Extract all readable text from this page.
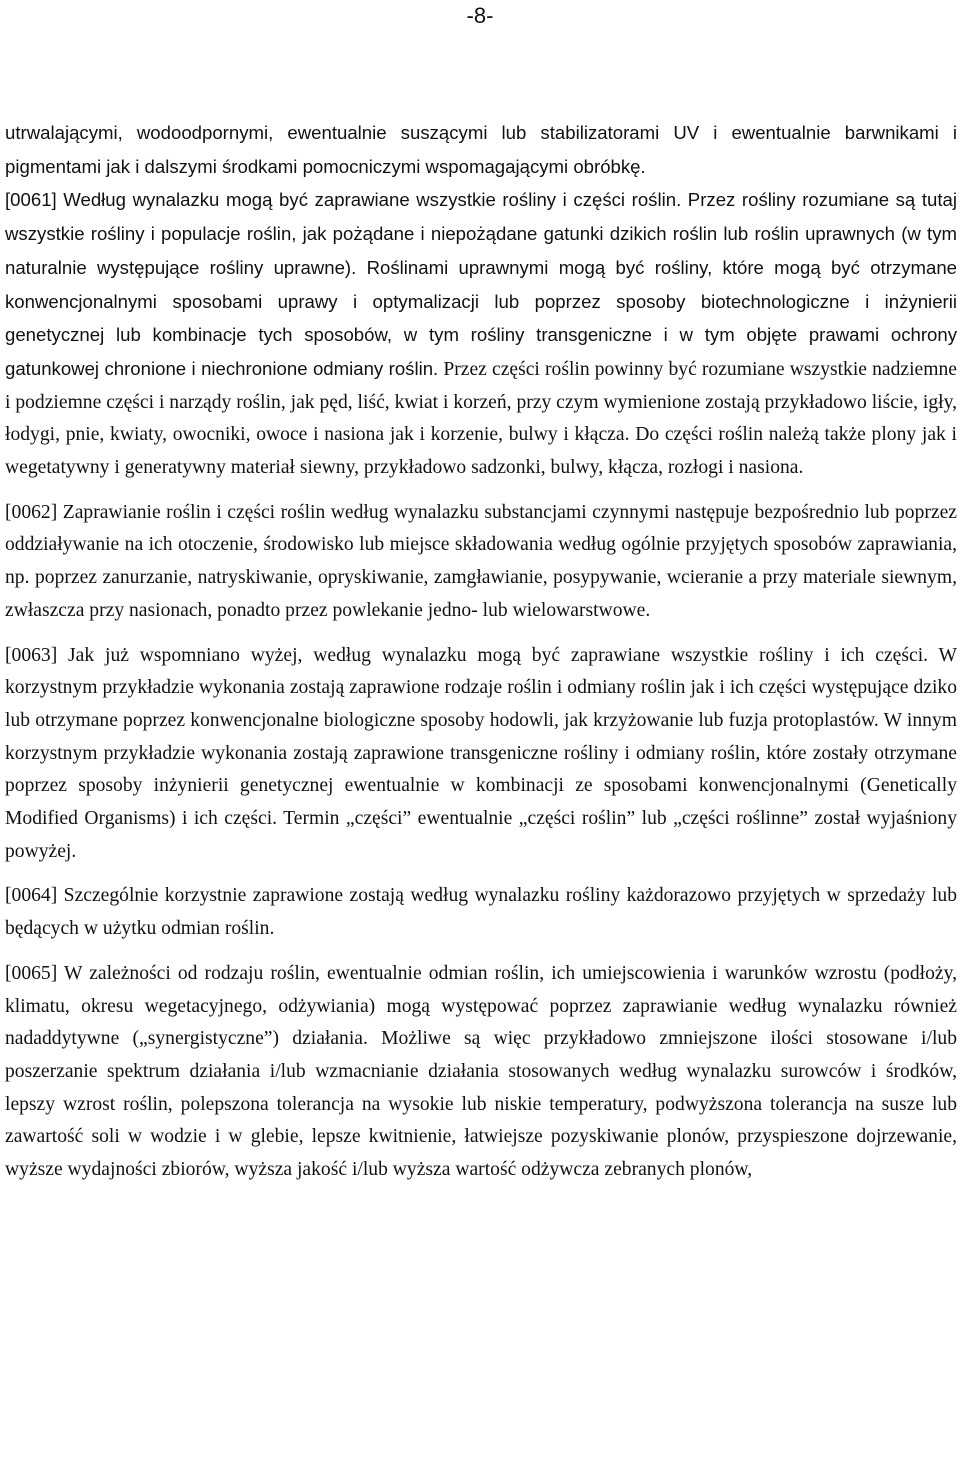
-8-

utrwalającymi, wodoodpornymi, ewentualnie suszącymi lub stabilizatorami UV i ewentualnie barwnikami i pigmentami jak i dalszymi środkami pomocniczymi wspomagającymi obróbkę.

[0061] Według wynalazku mogą być zaprawiane wszystkie rośliny i części roślin. Przez rośliny rozumiane są tutaj wszystkie rośliny i populacje roślin, jak pożądane i niepożądane gatunki dzikich roślin lub roślin uprawnych (w tym naturalnie występujące rośliny uprawne). Roślinami uprawnymi mogą być rośliny, które mogą być otrzymane konwencjonalnymi sposobami uprawy i optymalizacji lub poprzez sposoby biotechnologiczne i inżynierii genetycznej lub kombinacje tych sposobów, w tym rośliny transgeniczne i w tym objęte prawami ochrony gatunkowej chronione i niechronione odmiany roślin. Przez części roślin powinny być rozumiane wszystkie nadziemne i podziemne części i narządy roślin, jak pęd, liść, kwiat i korzeń, przy czym wymienione zostają przykładowo liście, igły, łodygi, pnie, kwiaty, owocniki, owoce i nasiona jak i korzenie, bulwy i kłącza. Do części roślin należą także plony jak i wegetatywny i generatywny materiał siewny, przykładowo sadzonki, bulwy, kłącza, rozłogi i nasiona.

[0062] Zaprawianie roślin i części roślin według wynalazku substancjami czynnymi następuje bezpośrednio lub poprzez oddziaływanie na ich otoczenie, środowisko lub miejsce składowania według ogólnie przyjętych sposobów zaprawiania, np. poprzez zanurzanie, natryskiwanie, opryskiwanie, zamgławianie, posypywanie, wcieranie a przy materiale siewnym, zwłaszcza przy nasionach, ponadto przez powlekanie jedno- lub wielowarstwowe.

[0063] Jak już wspomniano wyżej, według wynalazku mogą być zaprawiane wszystkie rośliny i ich części. W korzystnym przykładzie wykonania zostają zaprawione rodzaje roślin i odmiany roślin jak i ich części występujące dziko lub otrzymane poprzez konwencjonalne biologiczne sposoby hodowli, jak krzyżowanie lub fuzja protoplastów. W innym korzystnym przykładzie wykonania zostają zaprawione transgeniczne rośliny i odmiany roślin, które zostały otrzymane poprzez sposoby inżynierii genetycznej ewentualnie w kombinacji ze sposobami konwencjonalnymi (Genetically Modified Organisms) i ich części. Termin „części” ewentualnie „części roślin” lub „części roślinne” został wyjaśniony powyżej.

[0064] Szczególnie korzystnie zaprawione zostają według wynalazku rośliny każdorazowo przyjętych w sprzedaży lub będących w użytku odmian roślin.

[0065] W zależności od rodzaju roślin, ewentualnie odmian roślin, ich umiejscowienia i warunków wzrostu (podłoży, klimatu, okresu wegetacyjnego, odżywiania) mogą występować poprzez zaprawianie według wynalazku również nadaddytywne („synergistyczne”) działania. Możliwe są więc przykładowo zmniejszone ilości stosowane i/lub poszerzanie spektrum działania i/lub wzmacnianie działania stosowanych według wynalazku surowców i środków, lepszy wzrost roślin, polepszona tolerancja na wysokie lub niskie temperatury, podwyższona tolerancja na susze lub zawartość soli w wodzie i w glebie, lepsze kwitnienie, łatwiejsze pozyskiwanie plonów, przyspieszone dojrzewanie, wyższe wydajności zbiorów, wyższa jakość i/lub wyższa wartość odżywcza zebranych plonów,
